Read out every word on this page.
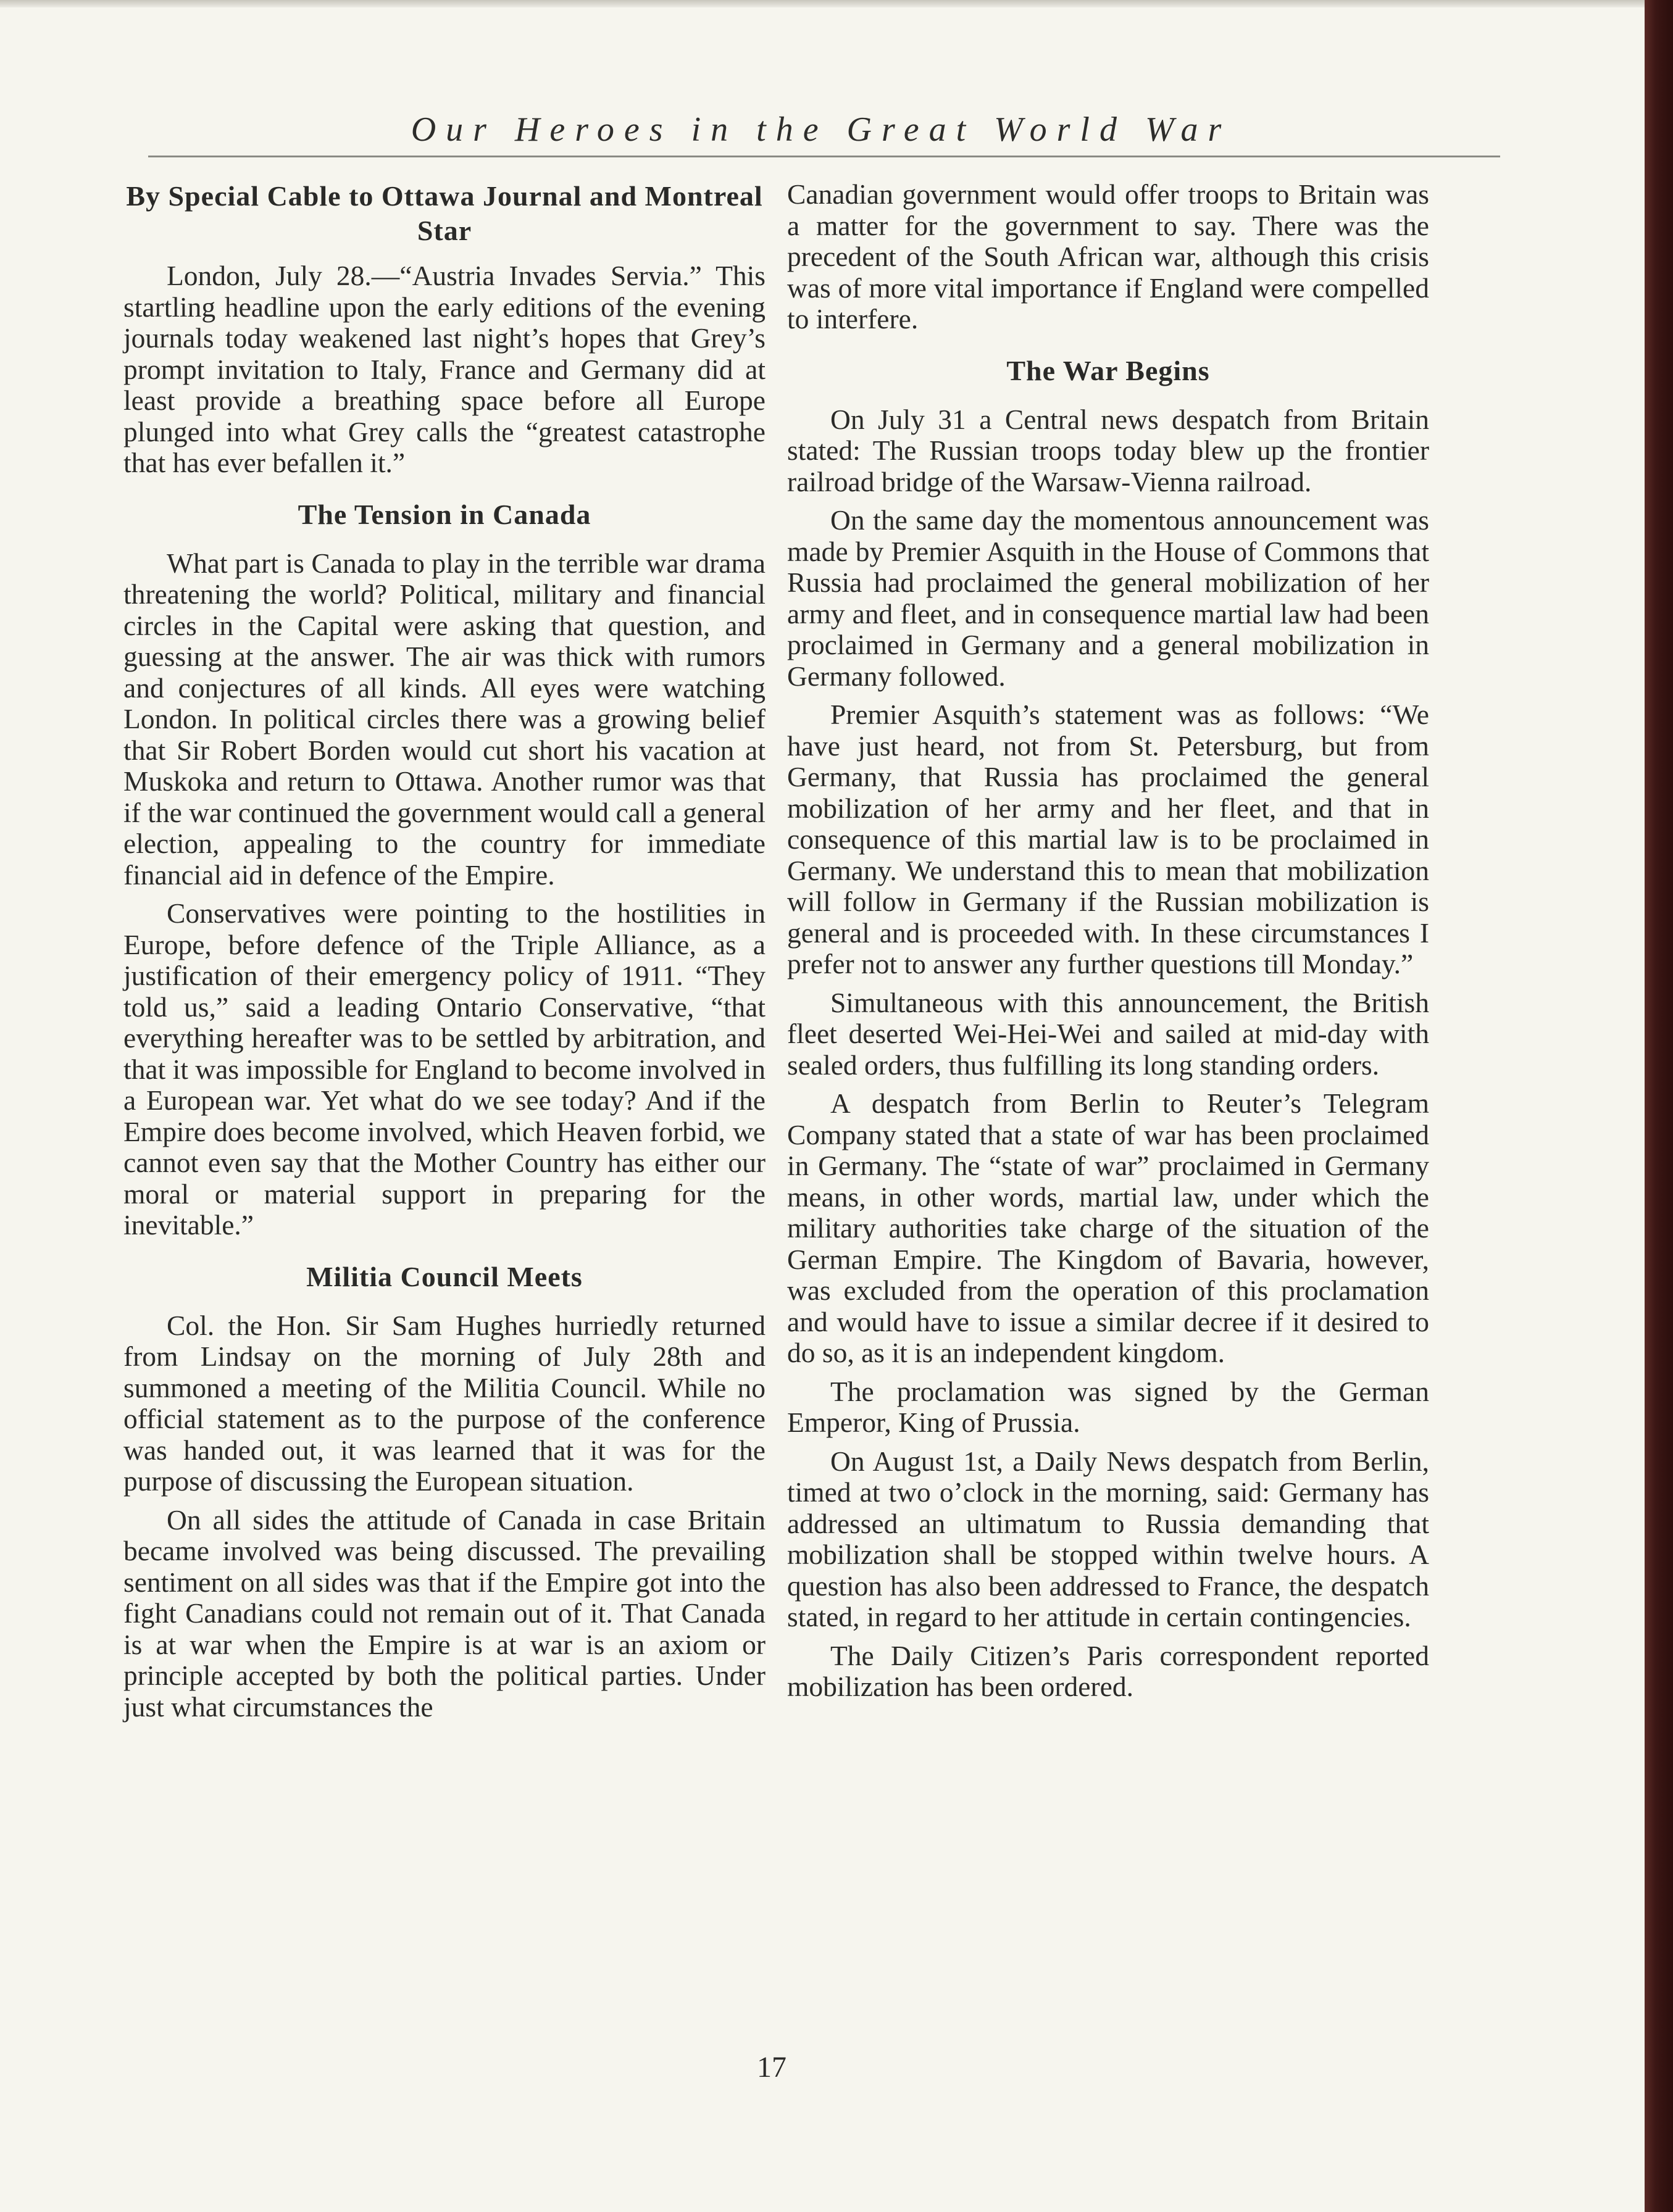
Our Heroes in the Great World War
By Special Cable to Ottawa Journal and Montreal Star

London, July 28.—“Austria Invades Servia.” This startling headline upon the early editions of the evening journals today weakened last night’s hopes that Grey’s prompt invitation to Italy, France and Germany did at least provide a breathing space before all Europe plunged into what Grey calls the “greatest catastrophe that has ever befallen it.”

The Tension in Canada

What part is Canada to play in the terrible war drama threatening the world? Political, military and financial circles in the Capital were asking that question, and guessing at the answer. The air was thick with rumors and conjectures of all kinds. All eyes were watching London. In political circles there was a growing belief that Sir Robert Borden would cut short his vacation at Muskoka and return to Ottawa. Another rumor was that if the war continued the government would call a general election, appealing to the country for immediate financial aid in defence of the Empire.

Conservatives were pointing to the hostilities in Europe, before defence of the Triple Alliance, as a justification of their emergency policy of 1911. “They told us,” said a leading Ontario Conservative, “that everything hereafter was to be settled by arbitration, and that it was impossible for England to become involved in a European war. Yet what do we see today? And if the Empire does become involved, which Heaven forbid, we cannot even say that the Mother Country has either our moral or material support in preparing for the inevitable.”

Militia Council Meets

Col. the Hon. Sir Sam Hughes hurriedly returned from Lindsay on the morning of July 28th and summoned a meeting of the Militia Council. While no official statement as to the purpose of the conference was handed out, it was learned that it was for the purpose of discussing the European situation.

On all sides the attitude of Canada in case Britain became involved was being discussed. The prevailing sentiment on all sides was that if the Empire got into the fight Canadians could not remain out of it. That Canada is at war when the Empire is at war is an axiom or principle accepted by both the political parties. Under just what circumstances the

Canadian government would offer troops to Britain was a matter for the government to say. There was the precedent of the South African war, although this crisis was of more vital importance if England were compelled to interfere.

The War Begins

On July 31 a Central news despatch from Britain stated: The Russian troops today blew up the frontier railroad bridge of the Warsaw-Vienna railroad.

On the same day the momentous announcement was made by Premier Asquith in the House of Commons that Russia had proclaimed the general mobilization of her army and fleet, and in consequence martial law had been proclaimed in Germany and a general mobilization in Germany followed.

Premier Asquith’s statement was as follows: “We have just heard, not from St. Petersburg, but from Germany, that Russia has proclaimed the general mobilization of her army and her fleet, and that in consequence of this martial law is to be proclaimed in Germany. We understand this to mean that mobilization will follow in Germany if the Russian mobilization is general and is proceeded with. In these circumstances I prefer not to answer any further questions till Monday.”

Simultaneous with this announcement, the British fleet deserted Wei-Hei-Wei and sailed at mid-day with sealed orders, thus fulfilling its long standing orders.

A despatch from Berlin to Reuter’s Telegram Company stated that a state of war has been proclaimed in Germany. The “state of war” proclaimed in Germany means, in other words, martial law, under which the military authorities take charge of the situation of the German Empire. The Kingdom of Bavaria, however, was excluded from the operation of this proclamation and would have to issue a similar decree if it desired to do so, as it is an independent kingdom.

The proclamation was signed by the German Emperor, King of Prussia.

On August 1st, a Daily News despatch from Berlin, timed at two o’clock in the morning, said: Germany has addressed an ultimatum to Russia demanding that mobilization shall be stopped within twelve hours. A question has also been addressed to France, the despatch stated, in regard to her attitude in certain contingencies.

The Daily Citizen’s Paris correspondent reported mobilization has been ordered.

17
